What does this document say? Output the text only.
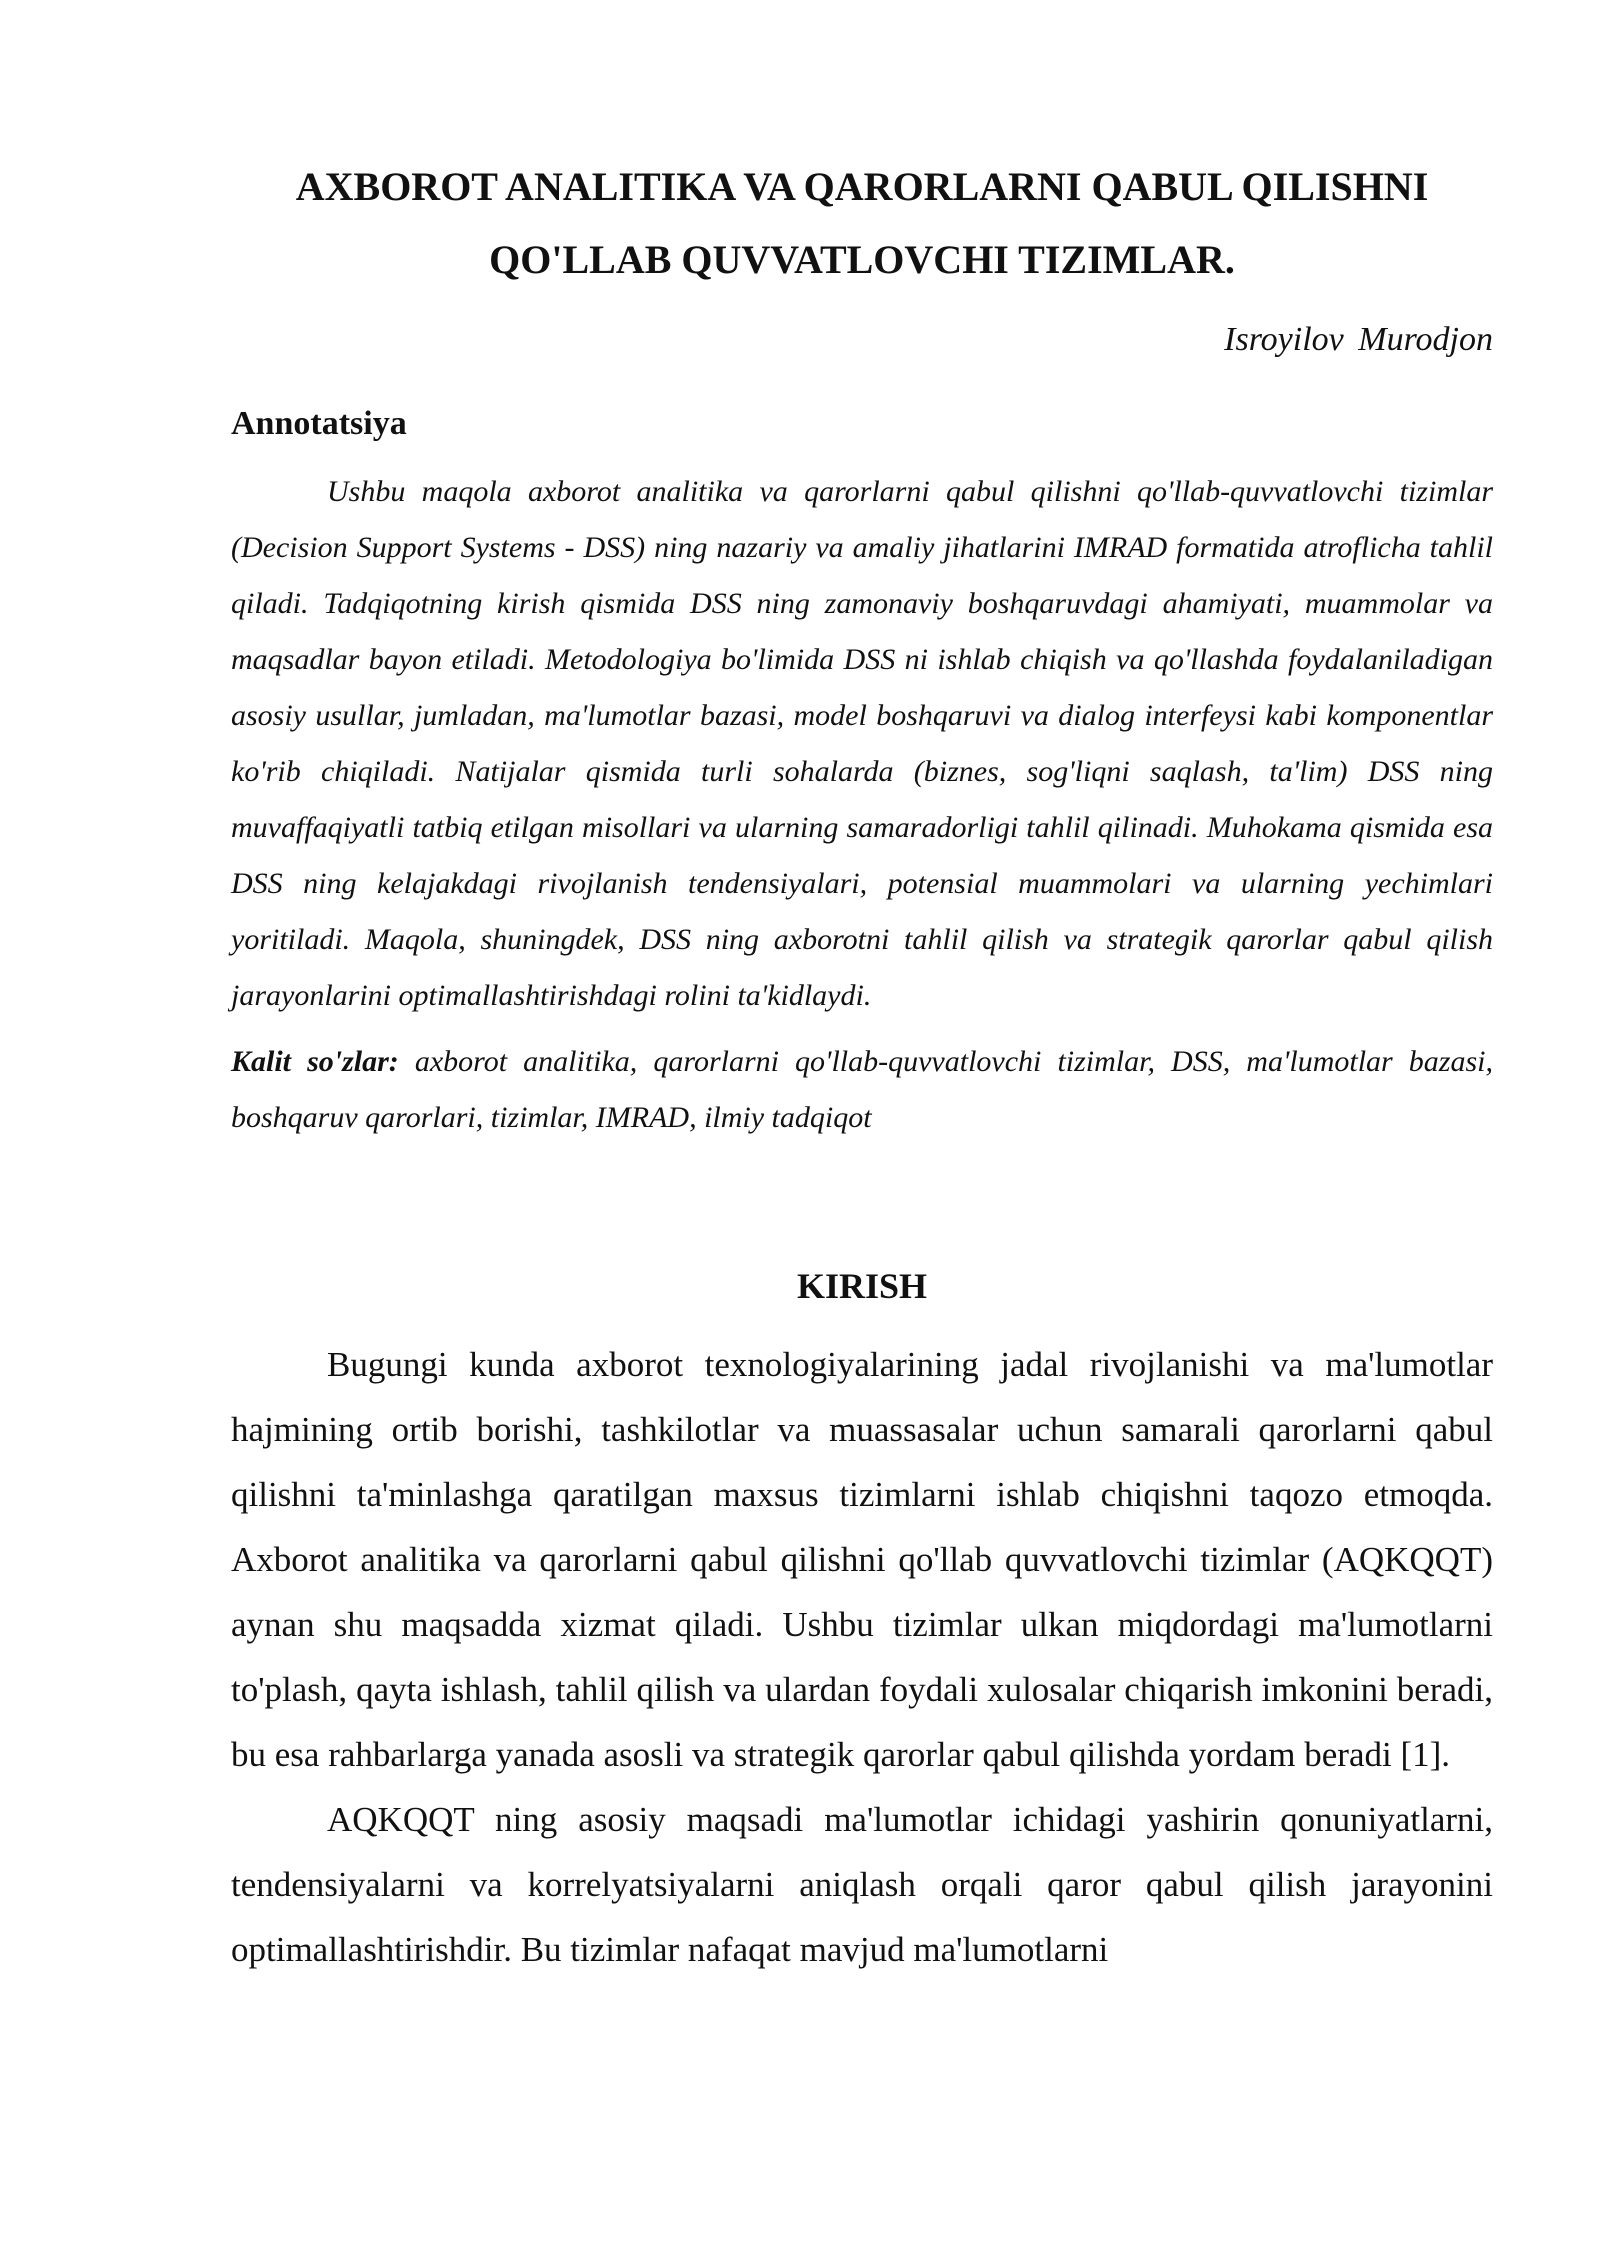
AXBOROT ANALITIKA VA QARORLARNI QABUL QILISHNI
QO'LLAB QUVVATLOVCHI TIZIMLAR.
Isroyilov Murodjon
Annotatsiya

Ushbu maqola axborot analitika va qarorlarni qabul qilishni qo'llab-quvvatlovchi tizimlar (Decision Support Systems - DSS) ning nazariy va amaliy jihatlarini IMRAD formatida atroflicha tahlil qiladi. Tadqiqotning kirish qismida DSS ning zamonaviy boshqaruvdagi ahamiyati, muammolar va maqsadlar bayon etiladi. Metodologiya bo'limida DSS ni ishlab chiqish va qo'llashda foydalaniladigan asosiy usullar, jumladan, ma'lumotlar bazasi, model boshqaruvi va dialog interfeysi kabi komponentlar ko'rib chiqiladi. Natijalar qismida turli sohalarda (biznes, sog'liqni saqlash, ta'lim) DSS ning muvaffaqiyatli tatbiq etilgan misollari va ularning samaradorligi tahlil qilinadi. Muhokama qismida esa DSS ning kelajakdagi rivojlanish tendensiyalari, potensial muammolari va ularning yechimlari yoritiladi. Maqola, shuningdek, DSS ning axborotni tahlil qilish va strategik qarorlar qabul qilish jarayonlarini optimallashtirishdagi rolini ta'kidlaydi.

Kalit so'zlar: axborot analitika, qarorlarni qo'llab-quvvatlovchi tizimlar, DSS, ma'lumotlar bazasi, boshqaruv qarorlari, tizimlar, IMRAD, ilmiy tadqiqot
KIRISH

Bugungi kunda axborot texnologiyalarining jadal rivojlanishi va ma'lumotlar hajmining ortib borishi, tashkilotlar va muassasalar uchun samarali qarorlarni qabul qilishni ta'minlashga qaratilgan maxsus tizimlarni ishlab chiqishni taqozo etmoqda. Axborot analitika va qarorlarni qabul qilishni qo'llab quvvatlovchi tizimlar (AQKQQT) aynan shu maqsadda xizmat qiladi. Ushbu tizimlar ulkan miqdordagi ma'lumotlarni to'plash, qayta ishlash, tahlil qilish va ulardan foydali xulosalar chiqarish imkonini beradi, bu esa rahbarlarga yanada asosli va strategik qarorlar qabul qilishda yordam beradi [1].

AQKQQT ning asosiy maqsadi ma'lumotlar ichidagi yashirin qonuniyatlarni, tendensiyalarni va korrelyatsiyalarni aniqlash orqali qaror qabul qilish jarayonini optimallashtirishdir. Bu tizimlar nafaqat mavjud ma'lumotlarni
